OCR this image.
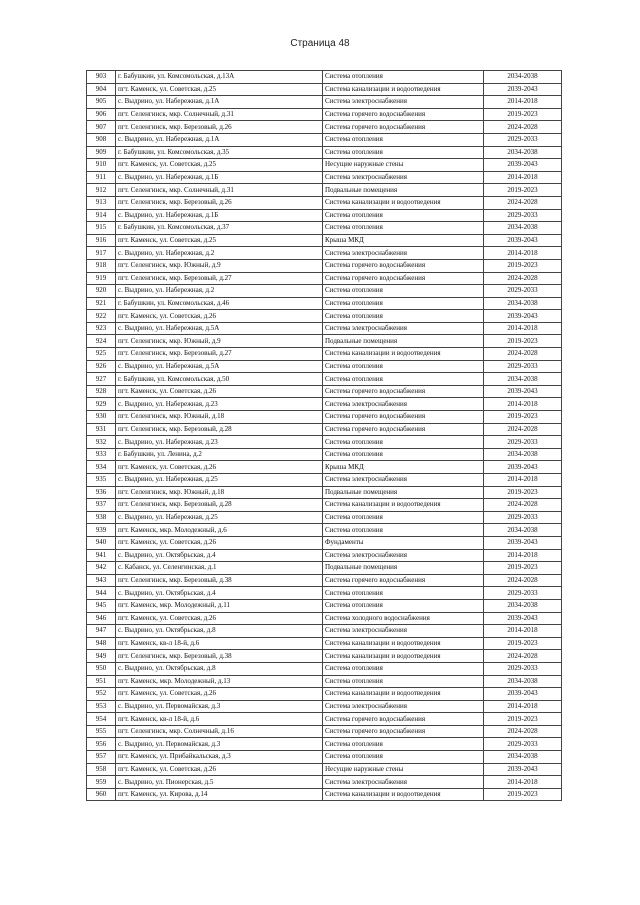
Страница 48
903	г. Бабушкин, ул. Комсомольская, д.13А	Система отопления	2034-2038
904	пгт. Каменск, ул. Советская, д.25	Система канализации и водоотведения	2039-2043
905	с. Выдрино, ул. Набережная, д.1А	Система электроснабжения	2014-2018
906	пгт. Селенгинск, мкр. Солнечный, д.31	Система горячего водоснабжения	2019-2023
907	пгт. Селенгинск, мкр. Березовый, д.26	Система горячего водоснабжения	2024-2028
908	с. Выдрино, ул. Набережная, д.1А	Система отопления	2029-2033
909	г. Бабушкин, ул. Комсомольская, д.35	Система отопления	2034-2038
910	пгт. Каменск, ул. Советская, д.25	Несущие наружные стены	2039-2043
911	с. Выдрино, ул. Набережная, д.1Б	Система электроснабжения	2014-2018
912	пгт. Селенгинск, мкр. Солнечный, д.31	Подвальные помещения	2019-2023
913	пгт. Селенгинск, мкр. Березовый, д.26	Система канализации и водоотведения	2024-2028
914	с. Выдрино, ул. Набережная, д.1Б	Система отопления	2029-2033
915	г. Бабушкин, ул. Комсомольская, д.37	Система отопления	2034-2038
916	пгт. Каменск, ул. Советская, д.25	Крыша МКД	2039-2043
917	с. Выдрино, ул. Набережная, д.2	Система электроснабжения	2014-2018
918	пгт. Селенгинск, мкр. Южный, д.9	Система горячего водоснабжения	2019-2023
919	пгт. Селенгинск, мкр. Березовый, д.27	Система горячего водоснабжения	2024-2028
920	с. Выдрино, ул. Набережная, д.2	Система отопления	2029-2033
921	г. Бабушкин, ул. Комсомольская, д.46	Система отопления	2034-2038
922	пгт. Каменск, ул. Советская, д.26	Система отопления	2039-2043
923	с. Выдрино, ул. Набережная, д.5А	Система электроснабжения	2014-2018
924	пгт. Селенгинск, мкр. Южный, д.9	Подвальные помещения	2019-2023
925	пгт. Селенгинск, мкр. Березовый, д.27	Система канализации и водоотведения	2024-2028
926	с. Выдрино, ул. Набережная, д.5А	Система отопления	2029-2033
927	г. Бабушкин, ул. Комсомольская, д.50	Система отопления	2034-2038
928	пгт. Каменск, ул. Советская, д.26	Система горячего водоснабжения	2039-2043
929	с. Выдрино, ул. Набережная, д.23	Система электроснабжения	2014-2018
930	пгт. Селенгинск, мкр. Южный, д.18	Система горячего водоснабжения	2019-2023
931	пгт. Селенгинск, мкр. Березовый, д.28	Система горячего водоснабжения	2024-2028
932	с. Выдрино, ул. Набережная, д.23	Система отопления	2029-2033
933	г. Бабушкин, ул. Ленина, д.2	Система отопления	2034-2038
934	пгт. Каменск, ул. Советская, д.26	Крыша МКД	2039-2043
935	с. Выдрино, ул. Набережная, д.25	Система электроснабжения	2014-2018
936	пгт. Селенгинск, мкр. Южный, д.18	Подвальные помещения	2019-2023
937	пгт. Селенгинск, мкр. Березовый, д.28	Система канализации и водоотведения	2024-2028
938	с. Выдрино, ул. Набережная, д.25	Система отопления	2029-2033
939	пгт. Каменск, мкр. Молодежный, д.6	Система отопления	2034-2038
940	пгт. Каменск, ул. Советская, д.26	Фундаменты	2039-2043
941	с. Выдрино, ул. Октябрьская, д.4	Система электроснабжения	2014-2018
942	с. Кабанск, ул. Селенгинская, д.1	Подвальные помещения	2019-2023
943	пгт. Селенгинск, мкр. Березовый, д.38	Система горячего водоснабжения	2024-2028
944	с. Выдрино, ул. Октябрьская, д.4	Система отопления	2029-2033
945	пгт. Каменск, мкр. Молодежный, д.11	Система отопления	2034-2038
946	пгт. Каменск, ул. Советская, д.26	Система холодного водоснабжения	2039-2043
947	с. Выдрино, ул. Октябрьская, д.8	Система электроснабжения	2014-2018
948	пгт. Каменск, кв-л 18-й, д.6	Система канализации и водоотведения	2019-2023
949	пгт. Селенгинск, мкр. Березовый, д.38	Система канализации и водоотведения	2024-2028
950	с. Выдрино, ул. Октябрьская, д.8	Система отопления	2029-2033
951	пгт. Каменск, мкр. Молодежный, д.13	Система отопления	2034-2038
952	пгт. Каменск, ул. Советская, д.26	Система канализации и водоотведения	2039-2043
953	с. Выдрино, ул. Первомайская, д.3	Система электроснабжения	2014-2018
954	пгт. Каменск, кв-л 18-й, д.6	Система горячего водоснабжения	2019-2023
955	пгт. Селенгинск, мкр. Солнечный, д.16	Система горячего водоснабжения	2024-2028
956	с. Выдрино, ул. Первомайская, д.3	Система отопления	2029-2033
957	пгт. Каменск, ул. Прибайкальская, д.3	Система отопления	2034-2038
958	пгт. Каменск, ул. Советская, д.26	Несущие наружные стены	2039-2043
959	с. Выдрино, ул. Пионерская, д.5	Система электроснабжения	2014-2018
960	пгт. Каменск, ул. Кирова, д.14	Система канализации и водоотведения	2019-2023
